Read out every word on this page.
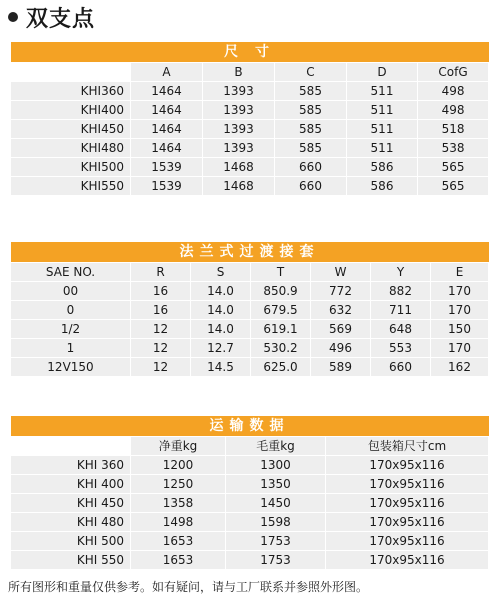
双支点
尺 寸					
	A	B	C	D	CofG
KHI360	1464	1393	585	511	498
KHI400	1464	1393	585	511	498
KHI450	1464	1393	585	511	518
KHI480	1464	1393	585	511	538
KHI500	1539	1468	660	586	565
KHI550	1539	1468	660	586	565
法兰式过渡接套						
SAE NO.	R	S	T	W	Y	E
00	16	14.0	850.9	772	882	170
0	16	14.0	679.5	632	711	170
1/2	12	14.0	619.1	569	648	150
1	12	12.7	530.2	496	553	170
12V150	12	14.5	625.0	589	660	162
运输数据			
	净重kg	毛重kg	包装箱尺寸cm
KHI 360	1200	1300	170x95x116
KHI 400	1250	1350	170x95x116
KHI 450	1358	1450	170x95x116
KHI 480	1498	1598	170x95x116
KHI 500	1653	1753	170x95x116
KHI 550	1653	1753	170x95x116
所有图形和重量仅供参考。如有疑问，请与工厂联系并参照外形图。
